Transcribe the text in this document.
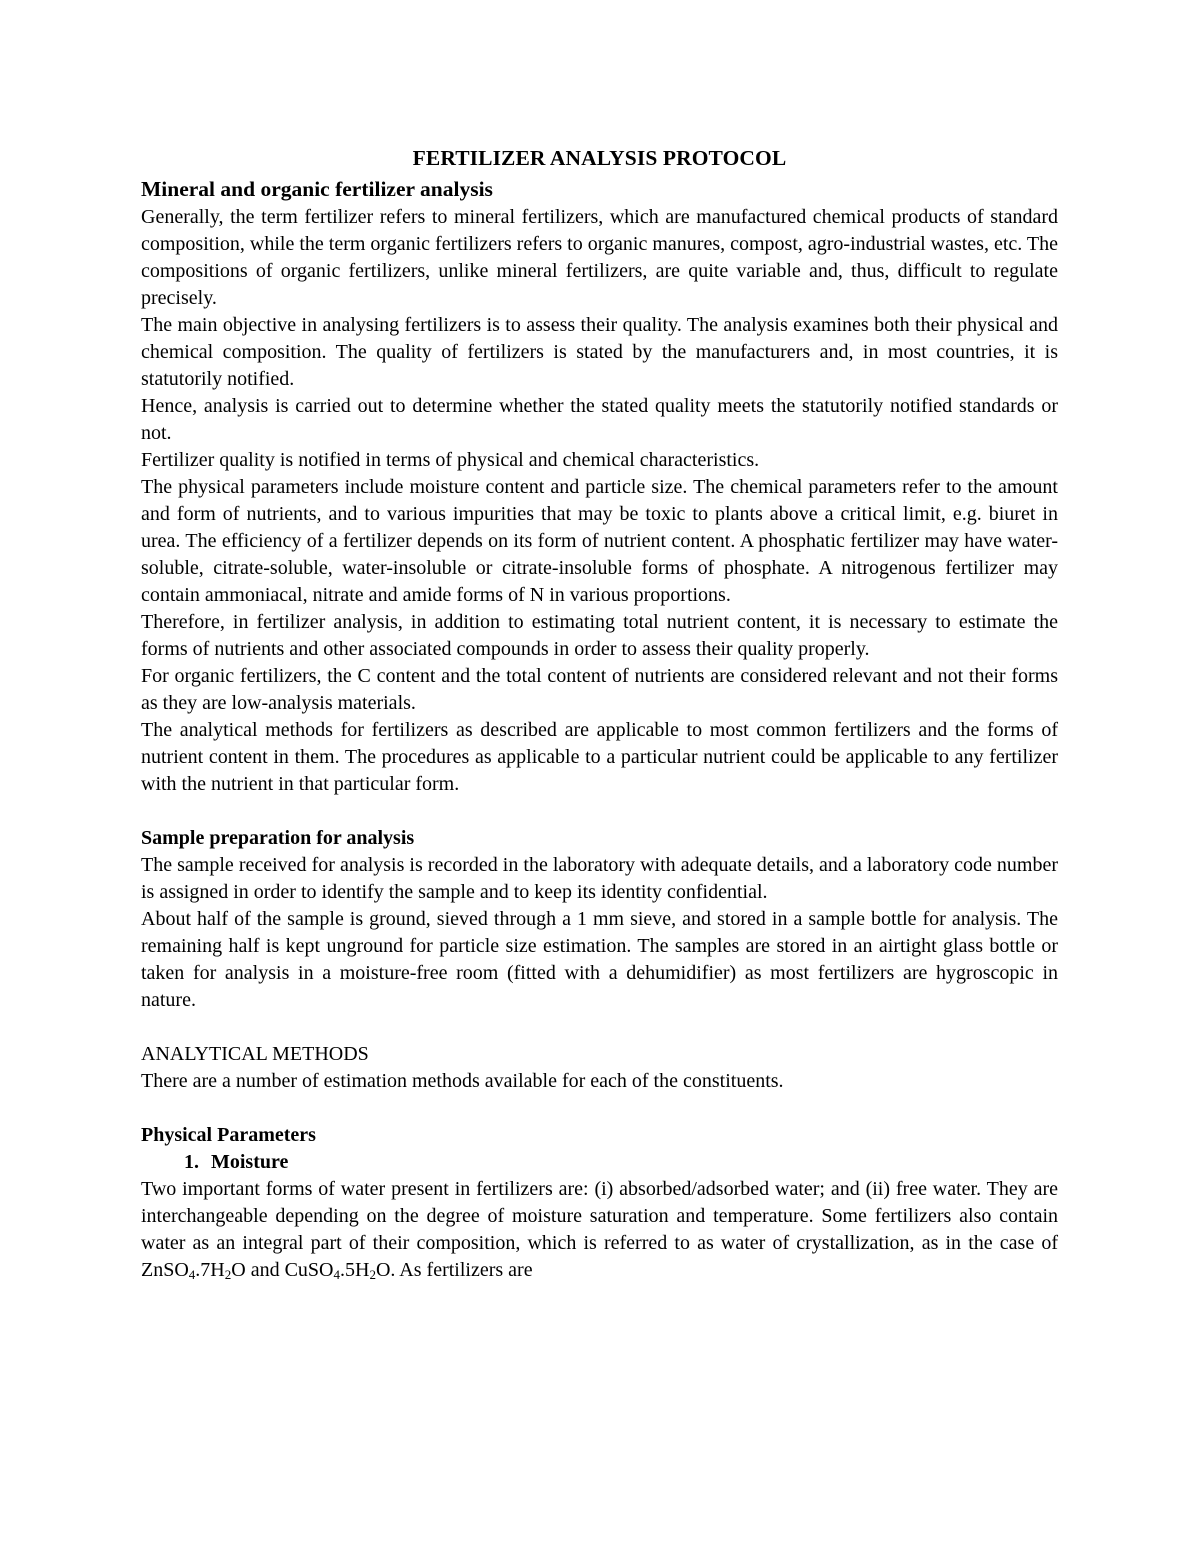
FERTILIZER ANALYSIS PROTOCOL
Mineral and organic fertilizer analysis

Generally, the term fertilizer refers to mineral fertilizers, which are manufactured chemical products of standard composition, while the term organic fertilizers refers to organic manures, compost, agro-industrial wastes, etc. The compositions of organic fertilizers, unlike mineral fertilizers, are quite variable and, thus, difficult to regulate precisely.

The main objective in analysing fertilizers is to assess their quality. The analysis examines both their physical and chemical composition. The quality of fertilizers is stated by the manufacturers and, in most countries, it is statutorily notified.

Hence, analysis is carried out to determine whether the stated quality meets the statutorily notified standards or not.

Fertilizer quality is notified in terms of physical and chemical characteristics.

The physical parameters include moisture content and particle size. The chemical parameters refer to the amount and form of nutrients, and to various impurities that may be toxic to plants above a critical limit, e.g. biuret in urea. The efficiency of a fertilizer depends on its form of nutrient content. A phosphatic fertilizer may have water-soluble, citrate-soluble, water-insoluble or citrate-insoluble forms of phosphate. A nitrogenous fertilizer may contain ammoniacal, nitrate and amide forms of N in various proportions.

Therefore, in fertilizer analysis, in addition to estimating total nutrient content, it is necessary to estimate the forms of nutrients and other associated compounds in order to assess their quality properly.

For organic fertilizers, the C content and the total content of nutrients are considered relevant and not their forms as they are low-analysis materials.

The analytical methods for fertilizers as described are applicable to most common fertilizers and the forms of nutrient content in them. The procedures as applicable to a particular nutrient could be applicable to any fertilizer with the nutrient in that particular form.

Sample preparation for analysis

The sample received for analysis is recorded in the laboratory with adequate details, and a laboratory code number is assigned in order to identify the sample and to keep its identity confidential.

About half of the sample is ground, sieved through a 1 mm sieve, and stored in a sample bottle for analysis. The remaining half is kept unground for particle size estimation. The samples are stored in an airtight glass bottle or taken for analysis in a moisture-free room (fitted with a dehumidifier) as most fertilizers are hygroscopic in nature.

ANALYTICAL METHODS

There are a number of estimation methods available for each of the constituents.

Physical Parameters
1. Moisture

Two important forms of water present in fertilizers are: (i) absorbed/adsorbed water; and (ii) free water. They are interchangeable depending on the degree of moisture saturation and temperature. Some fertilizers also contain water as an integral part of their composition, which is referred to as water of crystallization, as in the case of $ZnSO_4.7H_2O$ and $CuSO_4.5H_2O$. As fertilizers are
